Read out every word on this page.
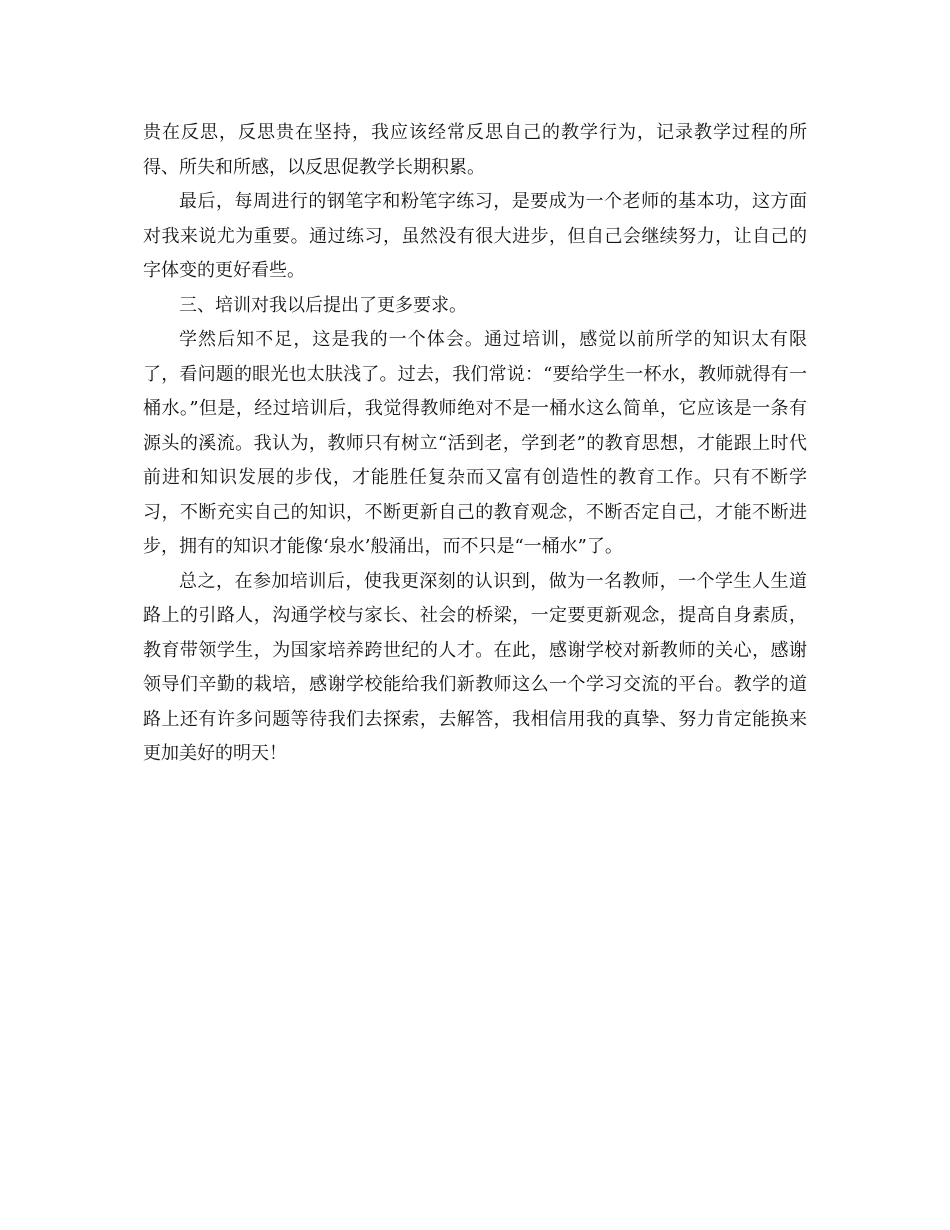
贵在反思，反思贵在坚持，我应该经常反思自己的教学行为，记录教学过程的所得、所失和所感，以反思促教学长期积累。

最后，每周进行的钢笔字和粉笔字练习，是要成为一个老师的基本功，这方面对我来说尤为重要。通过练习，虽然没有很大进步，但自己会继续努力，让自己的字体变的更好看些。

三、培训对我以后提出了更多要求。

学然后知不足，这是我的一个体会。通过培训，感觉以前所学的知识太有限了，看问题的眼光也太肤浅了。过去，我们常说：“要给学生一杯水，教师就得有一桶水。”但是，经过培训后，我觉得教师绝对不是一桶水这么简单，它应该是一条有源头的溪流。我认为，教师只有树立“活到老，学到老”的教育思想，才能跟上时代前进和知识发展的步伐，才能胜任复杂而又富有创造性的教育工作。只有不断学习，不断充实自己的知识，不断更新自己的教育观念，不断否定自己，才能不断进步，拥有的知识才能像‘泉水’般涌出，而不只是“一桶水”了。

总之，在参加培训后，使我更深刻的认识到，做为一名教师，一个学生人生道路上的引路人，沟通学校与家长、社会的桥梁，一定要更新观念，提高自身素质，教育带领学生，为国家培养跨世纪的人才。在此，感谢学校对新教师的关心，感谢领导们辛勤的栽培，感谢学校能给我们新教师这么一个学习交流的平台。教学的道路上还有许多问题等待我们去探索，去解答，我相信用我的真挚、努力肯定能换来更加美好的明天！
